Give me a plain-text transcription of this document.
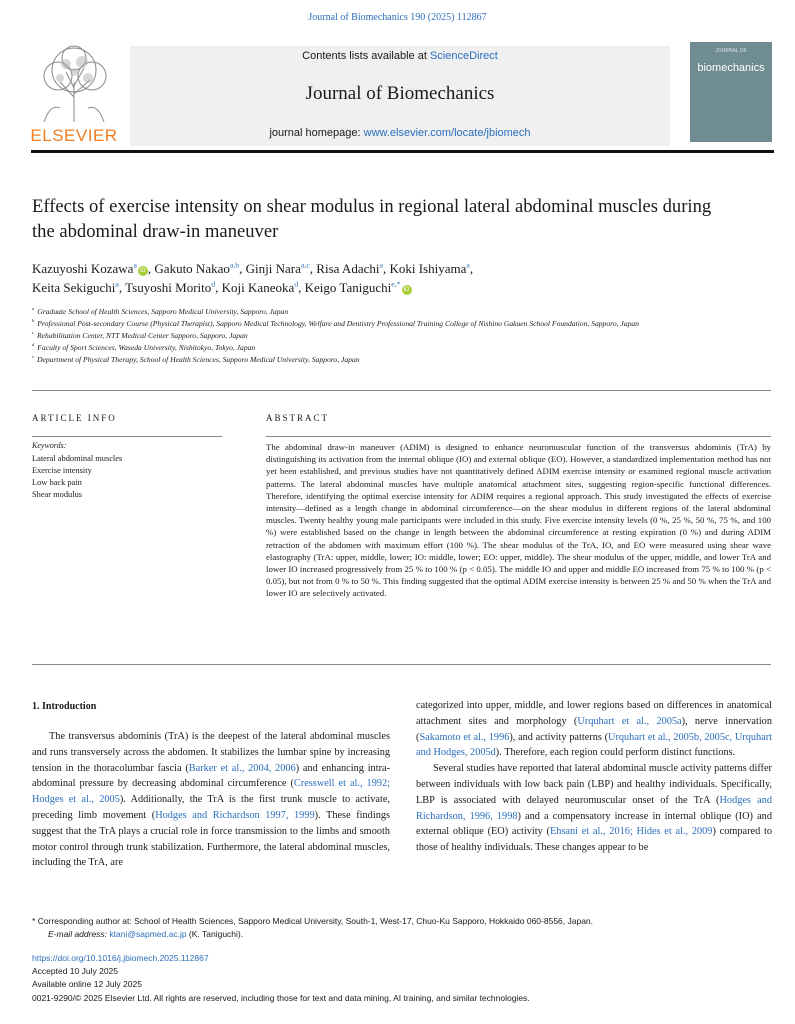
Journal of Biomechanics 190 (2025) 112867
ELSEVIER
Contents lists available at ScienceDirect
Journal of Biomechanics
journal homepage: www.elsevier.com/locate/jbiomech
JOURNAL OF
biomechanics
Effects of exercise intensity on shear modulus in regional lateral abdominal muscles during the abdominal draw-in maneuver
Kazuyoshi Kozawa$^a$iD , Gakuto Nakao$^{a,b}$, Ginji Nara$^{a,c}$, Risa Adachi$^a$, Koki Ishiyama$^a$,
Keita Sekiguchi$^a$, Tsuyoshi Morito$^d$, Koji Kaneoka$^d$, Keigo Taniguchi$^{e,*}$iD
$^a$ Graduate School of Health Sciences, Sapporo Medical University, Sapporo, Japan
$^b$ Professional Post-secondary Course (Physical Therapist), Sapporo Medical Technology, Welfare and Dentistry Professional Training College of Nishino Gakuen School Foundation, Sapporo, Japan
$^c$ Rehabilitation Center, NTT Medical Center Sapporo, Sapporo, Japan
$^d$ Faculty of Sport Sciences, Waseda University, Nishitokyo, Tokyo, Japan
$^e$ Department of Physical Therapy, School of Health Sciences, Sapporo Medical University, Sapporo, Japan
ARTICLE INFO
Keywords:
Lateral abdominal muscles
Exercise intensity
Low back pain
Shear modulus
ABSTRACT
The abdominal draw-in maneuver (ADIM) is designed to enhance neuromuscular function of the transversus abdominis (TrA) by distinguishing its activation from the internal oblique (IO) and external oblique (EO). However, a standardized implementation method has not yet been established, and previous studies have not quantitatively defined ADIM exercise intensity or examined regional muscle activation patterns. The lateral abdominal muscles have multiple anatomical attachment sites, suggesting region-specific functional differences. Therefore, identifying the optimal exercise intensity for ADIM requires a regional approach. This study investigated the effects of exercise intensity—defined as a length change in abdominal circumference—on the shear modulus in different regions of the lateral abdominal muscles. Twenty healthy young male participants were included in this study. Five exercise intensity levels (0 %, 25 %, 50 %, 75 %, and 100 %) were established based on the change in length between the abdominal circumference at resting expiration (0 %) and during ADIM retraction of the abdomen with maximum effort (100 %). The shear modulus of the TrA, IO, and EO were measured using shear wave elastography (TrA: upper, middle, lower; IO: middle, lower; EO: upper, middle). The shear modulus of the upper, middle, and lower TrA and lower IO increased progressively from 25 % to 100 % (p < 0.05). The middle IO and upper and middle EO increased from 75 % to 100 % (p < 0.05), but not from 0 % to 50 %. This finding suggested that the optimal ADIM exercise intensity is between 25 % and 50 % when the TrA and lower IO are selectively activated.
1. Introduction

The transversus abdominis (TrA) is the deepest of the lateral abdominal muscles and runs transversely across the abdomen. It stabilizes the lumbar spine by increasing tension in the thoracolumbar fascia (Barker et al., 2004, 2006) and enhancing intra-abdominal pressure by decreasing abdominal circumference (Cresswell et al., 1992; Hodges et al., 2005). Additionally, the TrA is the first trunk muscle to activate, preceding limb movement (Hodges and Richardson 1997, 1999). These findings suggest that the TrA plays a crucial role in force transmission to the limbs and smooth motor control through trunk stabilization. Furthermore, the lateral abdominal muscles, including the TrA, are

categorized into upper, middle, and lower regions based on differences in anatomical attachment sites and morphology (Urquhart et al., 2005a), nerve innervation (Sakamoto et al., 1996), and activity patterns (Urquhart et al., 2005b, 2005c, Urquhart and Hodges, 2005d). Therefore, each region could perform distinct functions.

Several studies have reported that lateral abdominal muscle activity patterns differ between individuals with low back pain (LBP) and healthy individuals. Specifically, LBP is associated with delayed neuromuscular onset of the TrA (Hodges and Richardson, 1996, 1998) and a compensatory increase in internal oblique (IO) and external oblique (EO) activity (Ehsani et al., 2016; Hides et al., 2009) compared to those of healthy individuals. These changes appear to be

* Corresponding author at: School of Health Sciences, Sapporo Medical University, South-1, West-17, Chuo-Ku Sapporo, Hokkaido 060-8556, Japan.
E-mail address: ktani@sapmed.ac.jp (K. Taniguchi).
https://doi.org/10.1016/j.jbiomech.2025.112867
Accepted 10 July 2025
Available online 12 July 2025
0021-9290/© 2025 Elsevier Ltd. All rights are reserved, including those for text and data mining, AI training, and similar technologies.
